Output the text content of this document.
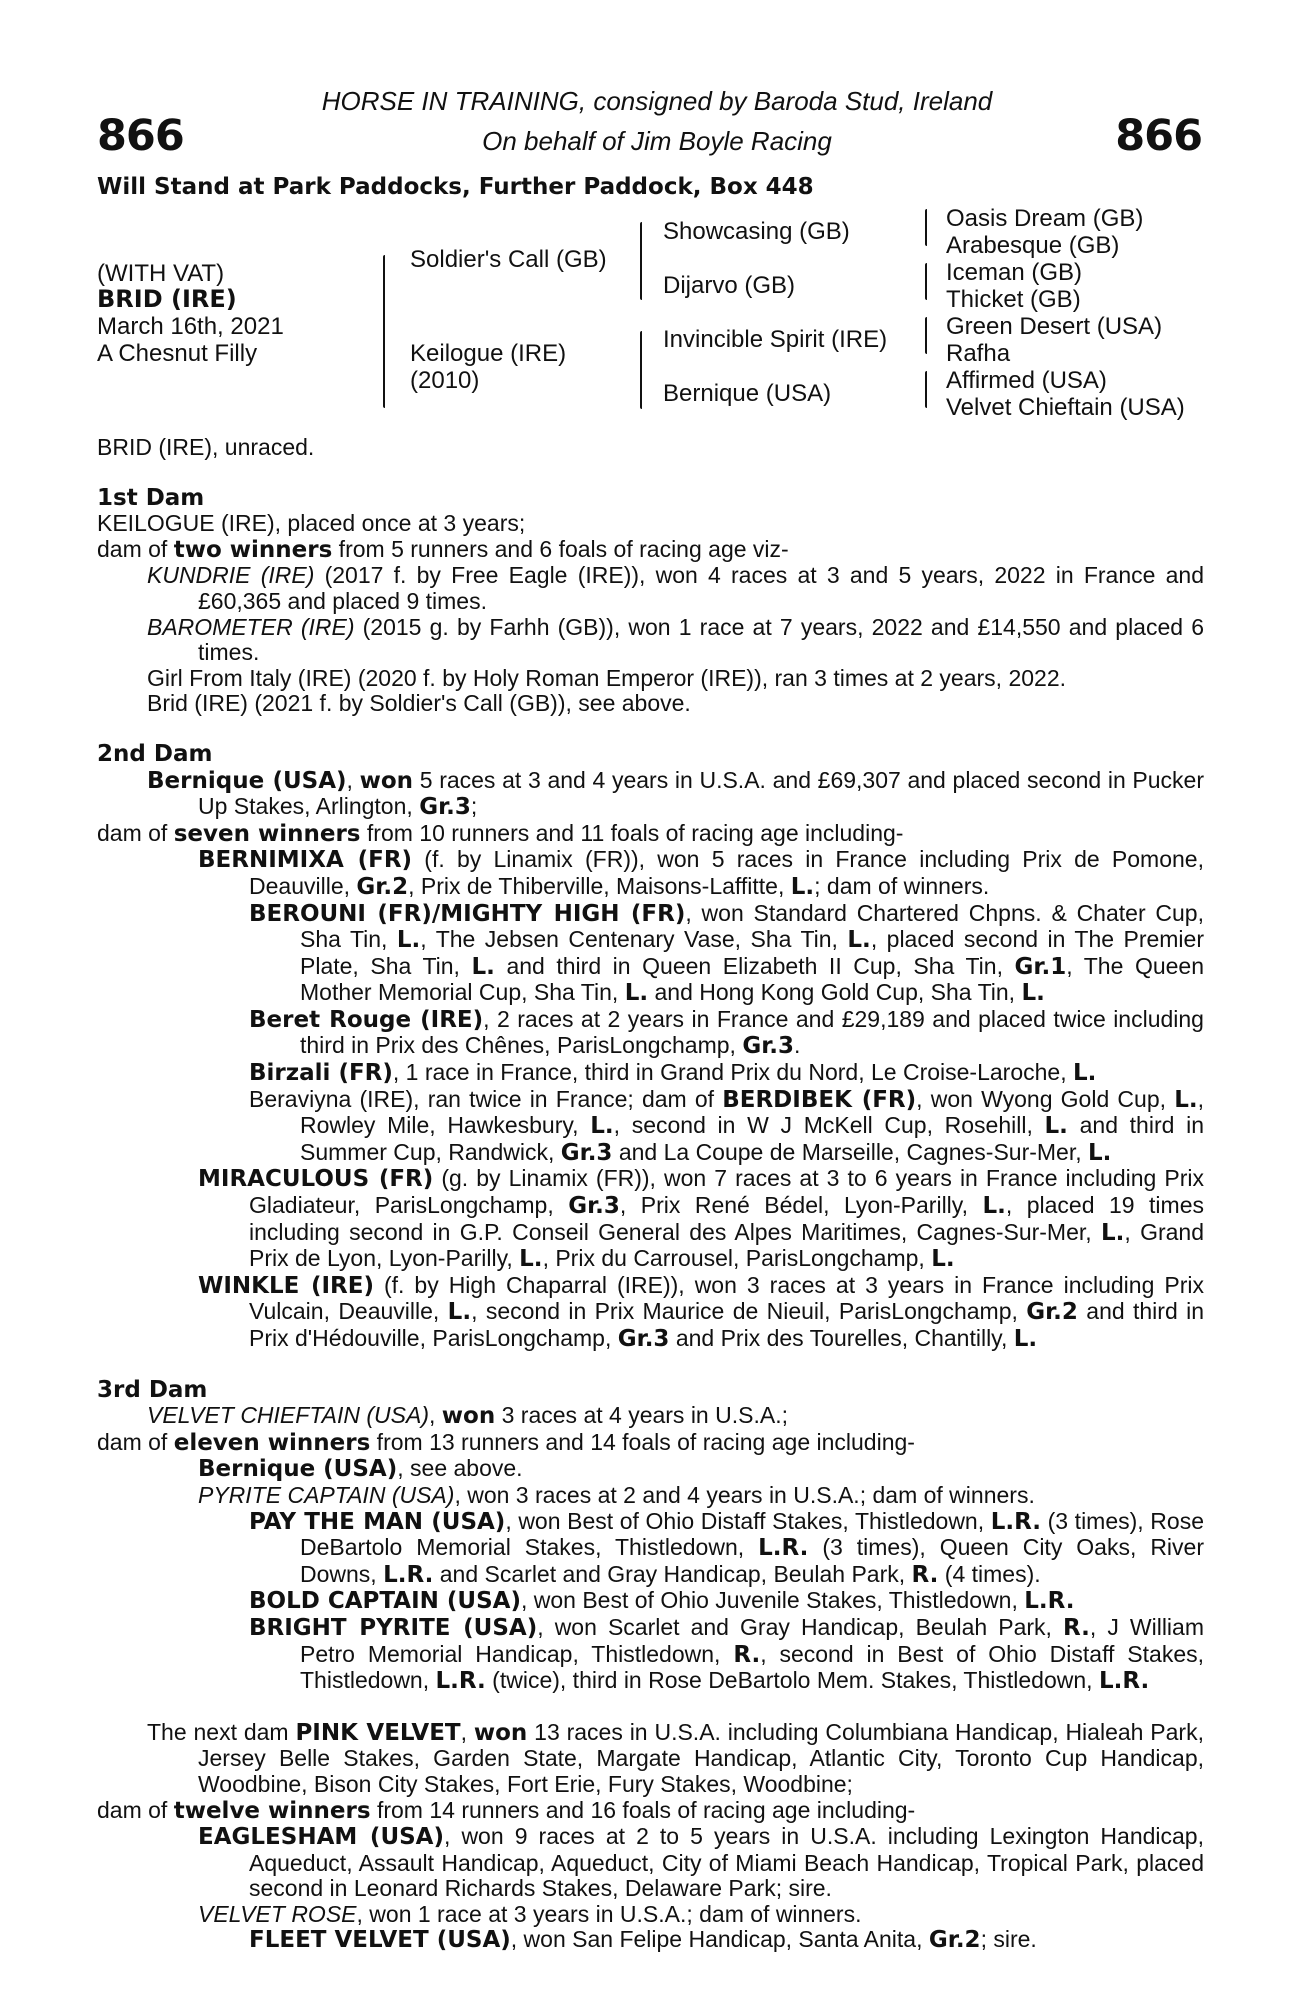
866	866
HORSE IN TRAINING, consigned by Baroda Stud, Ireland
On behalf of Jim Boyle Racing
Will Stand at Park Paddocks, Further Paddock, Box 448
(WITH VAT)
BRID (IRE)
March 16th, 2021
A Chesnut Filly
Soldier's Call (GB)
Keilogue (IRE)
(2010)
Showcasing (GB)
Dijarvo (GB)
Invincible Spirit (IRE)
Bernique (USA)
Oasis Dream (GB)
Arabesque (GB)
Iceman (GB)
Thicket (GB)
Green Desert (USA)
Rafha
Affirmed (USA)
Velvet Chieftain (USA)

BRID (IRE), unraced.

1st Dam

KEILOGUE (IRE), placed once at 3 years;

dam of two winners from 5 runners and 6 foals of racing age viz-

KUNDRIE (IRE) (2017 f. by Free Eagle (IRE)), won 4 races at 3 and 5 years, 2022 in France and £60,365 and placed 9 times.

BAROMETER (IRE) (2015 g. by Farhh (GB)), won 1 race at 7 years, 2022 and £14,550 and placed 6 times.

Girl From Italy (IRE) (2020 f. by Holy Roman Emperor (IRE)), ran 3 times at 2 years, 2022.

Brid (IRE) (2021 f. by Soldier's Call (GB)), see above.

2nd Dam

Bernique (USA), won 5 races at 3 and 4 years in U.S.A. and £69,307 and placed second in Pucker Up Stakes, Arlington, Gr.3;

dam of seven winners from 10 runners and 11 foals of racing age including-

BERNIMIXA (FR) (f. by Linamix (FR)), won 5 races in France including Prix de Pomone, Deauville, Gr.2, Prix de Thiberville, Maisons-Laffitte, L.; dam of winners.

BEROUNI (FR)/MIGHTY HIGH (FR), won Standard Chartered Chpns. & Chater Cup, Sha Tin, L., The Jebsen Centenary Vase, Sha Tin, L., placed second in The Premier Plate, Sha Tin, L. and third in Queen Elizabeth II Cup, Sha Tin, Gr.1, The Queen Mother Memorial Cup, Sha Tin, L. and Hong Kong Gold Cup, Sha Tin, L.

Beret Rouge (IRE), 2 races at 2 years in France and £29,189 and placed twice including third in Prix des Chênes, ParisLongchamp, Gr.3.

Birzali (FR), 1 race in France, third in Grand Prix du Nord, Le Croise-Laroche, L.

Beraviyna (IRE), ran twice in France; dam of BERDIBEK (FR), won Wyong Gold Cup, L., Rowley Mile, Hawkesbury, L., second in W J McKell Cup, Rosehill, L. and third in Summer Cup, Randwick, Gr.3 and La Coupe de Marseille, Cagnes-Sur-Mer, L.

MIRACULOUS (FR) (g. by Linamix (FR)), won 7 races at 3 to 6 years in France including Prix Gladiateur, ParisLongchamp, Gr.3, Prix René Bédel, Lyon-Parilly, L., placed 19 times including second in G.P. Conseil General des Alpes Maritimes, Cagnes-Sur-Mer, L., Grand Prix de Lyon, Lyon-Parilly, L., Prix du Carrousel, ParisLongchamp, L.

WINKLE (IRE) (f. by High Chaparral (IRE)), won 3 races at 3 years in France including Prix Vulcain, Deauville, L., second in Prix Maurice de Nieuil, ParisLongchamp, Gr.2 and third in Prix d'Hédouville, ParisLongchamp, Gr.3 and Prix des Tourelles, Chantilly, L.

3rd Dam

VELVET CHIEFTAIN (USA), won 3 races at 4 years in U.S.A.;

dam of eleven winners from 13 runners and 14 foals of racing age including-

Bernique (USA), see above.

PYRITE CAPTAIN (USA), won 3 races at 2 and 4 years in U.S.A.; dam of winners.

PAY THE MAN (USA), won Best of Ohio Distaff Stakes, Thistledown, L.R. (3 times), Rose DeBartolo Memorial Stakes, Thistledown, L.R. (3 times), Queen City Oaks, River Downs, L.R. and Scarlet and Gray Handicap, Beulah Park, R. (4 times).

BOLD CAPTAIN (USA), won Best of Ohio Juvenile Stakes, Thistledown, L.R.

BRIGHT PYRITE (USA), won Scarlet and Gray Handicap, Beulah Park, R., J William Petro Memorial Handicap, Thistledown, R., second in Best of Ohio Distaff Stakes, Thistledown, L.R. (twice), third in Rose DeBartolo Mem. Stakes, Thistledown, L.R.

The next dam PINK VELVET, won 13 races in U.S.A. including Columbiana Handicap, Hialeah Park, Jersey Belle Stakes, Garden State, Margate Handicap, Atlantic City, Toronto Cup Handicap, Woodbine, Bison City Stakes, Fort Erie, Fury Stakes, Woodbine;

dam of twelve winners from 14 runners and 16 foals of racing age including-

EAGLESHAM (USA), won 9 races at 2 to 5 years in U.S.A. including Lexington Handicap, Aqueduct, Assault Handicap, Aqueduct, City of Miami Beach Handicap, Tropical Park, placed second in Leonard Richards Stakes, Delaware Park; sire.

VELVET ROSE, won 1 race at 3 years in U.S.A.; dam of winners.

FLEET VELVET (USA), won San Felipe Handicap, Santa Anita, Gr.2; sire.
